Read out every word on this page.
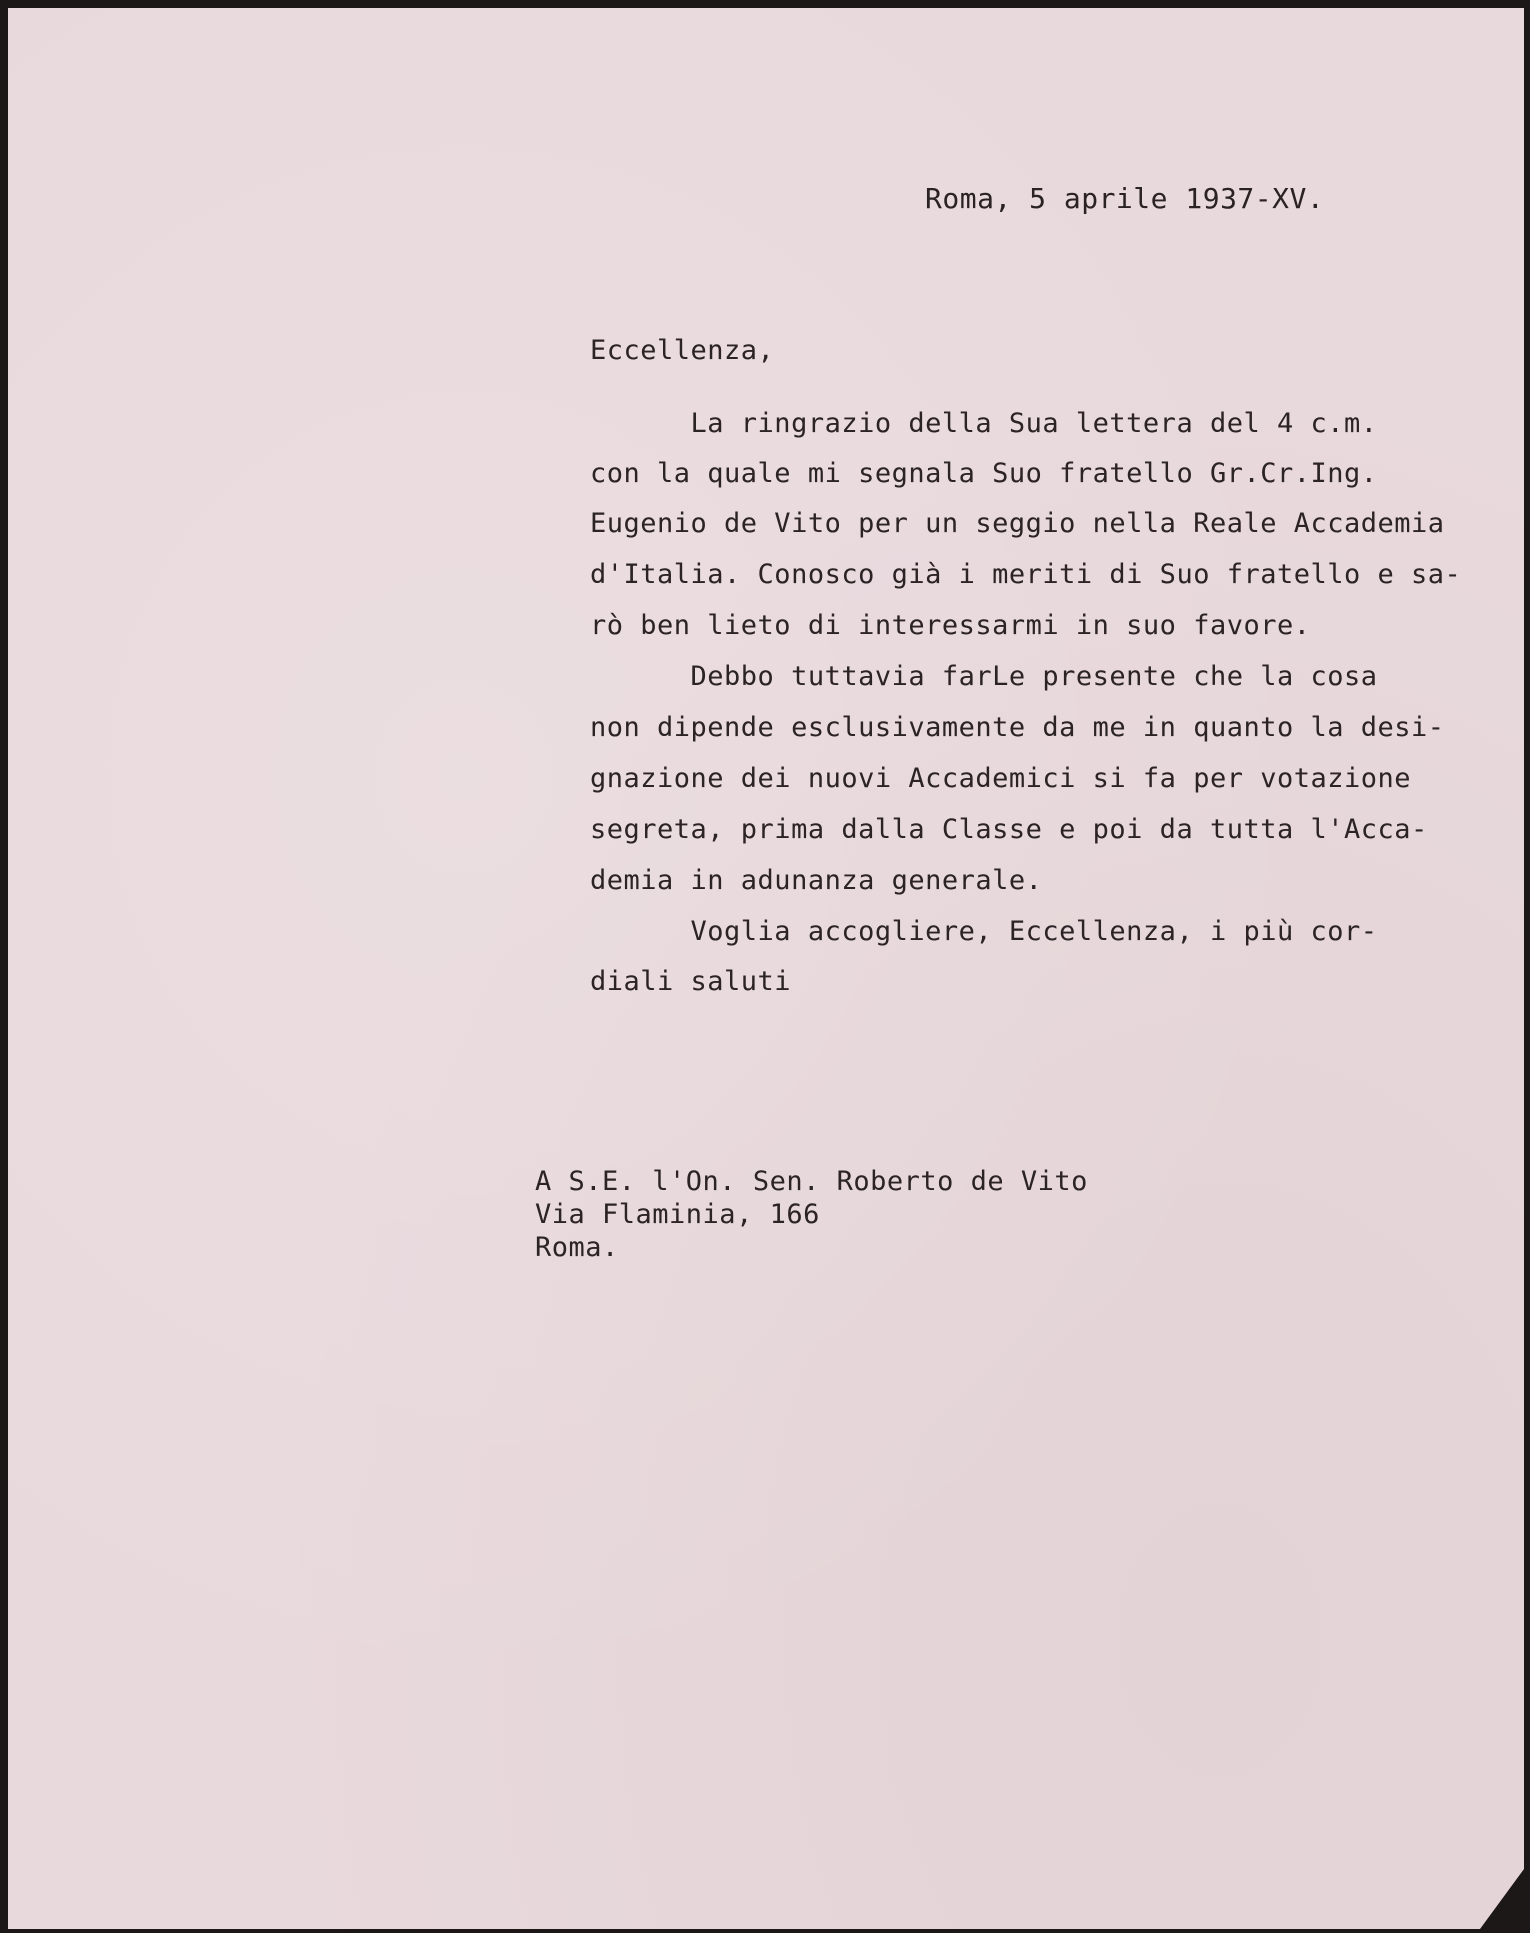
Roma, 5 aprile 1937-XV.
Eccellenza,
La ringrazio della Sua lettera del 4 c.m.
con la quale mi segnala Suo fratello Gr.Cr.Ing.
Eugenio de Vito per un seggio nella Reale Accademia
d'Italia. Conosco già i meriti di Suo fratello e sa-
rò ben lieto di interessarmi in suo favore.
Debbo tuttavia farLe presente che la cosa
non dipende esclusivamente da me in quanto la desi-
gnazione dei nuovi Accademici si fa per votazione
segreta, prima dalla Classe e poi da tutta l'Acca-
demia in adunanza generale.
Voglia accogliere, Eccellenza, i più cor-
diali saluti
A S.E. l'On. Sen. Roberto de Vito
Via Flaminia, 166
Roma.
